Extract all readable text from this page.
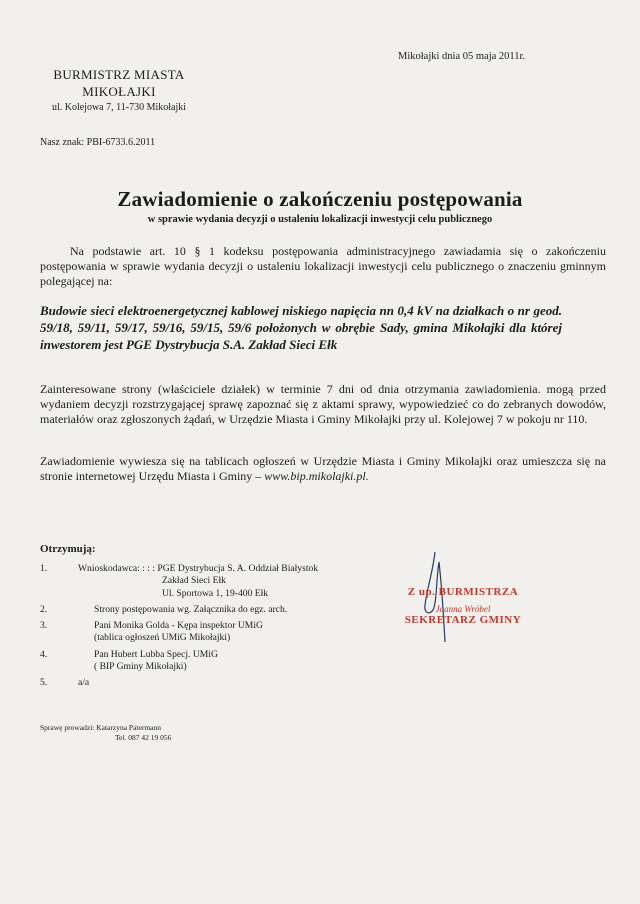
Mikołajki dnia 05 maja 2011r.
BURMISTRZ MIASTA
MIKOŁAJKI
ul. Kolejowa 7, 11-730 Mikołajki
Nasz znak: PBI-6733.6.2011
Zawiadomienie o zakończeniu postępowania
w sprawie wydania decyzji o ustaleniu lokalizacji inwestycji celu publicznego
Na podstawie art. 10 § 1 kodeksu postępowania administracyjnego zawiadamia się o zakończeniu postępowania w sprawie wydania decyzji o ustaleniu lokalizacji inwestycji celu publicznego o znaczeniu gminnym polegającej na:
Budowie sieci elektroenergetycznej kablowej niskiego napięcia nn 0,4 kV na działkach o nr geod. 59/18, 59/11, 59/17, 59/16, 59/15, 59/6 położonych w obrębie Sady, gmina Mikołajki dla której inwestorem jest PGE Dystrybucja S.A. Zakład Sieci Ełk
Zainteresowane strony (właściciele działek) w terminie 7 dni od dnia otrzymania zawiadomienia. mogą przed wydaniem decyzji rozstrzygającej sprawę zapoznać się z aktami sprawy, wypowiedzieć co do zebranych dowodów, materiałów oraz zgłoszonych żądań, w Urzędzie Miasta i Gminy Mikołajki przy ul. Kolejowej 7 w pokoju nr 110.
Zawiadomienie wywiesza się na tablicach ogłoszeń w Urzędzie Miasta i Gminy Mikołajki oraz umieszcza się na stronie internetowej Urzędu Miasta i Gminy – www.bip.mikolajki.pl.
Otrzymują:
1.	Wnioskodawca: : : : PGE Dystrybucja S. A. Oddział Białystok
Zakład Sieci Ełk
Ul. Sportowa 1, 19-400 Ełk
2.	Strony postępowania wg. Załącznika do egz. arch.
3.	Pani Monika Golda - Kępa inspektor UMiG
(tablica ogłoszeń UMiG Mikołajki)
4.	Pan Hubert Lubba Specj. UMiG
( BIP Gminy Mikołajki)
5.	a/a
Z up. BURMISTRZA
Joanna Wróbel
SEKRETARZ GMINY
Sprawę prowadzi: Katarzyna Patermann
Tel. 087 42 19 056
